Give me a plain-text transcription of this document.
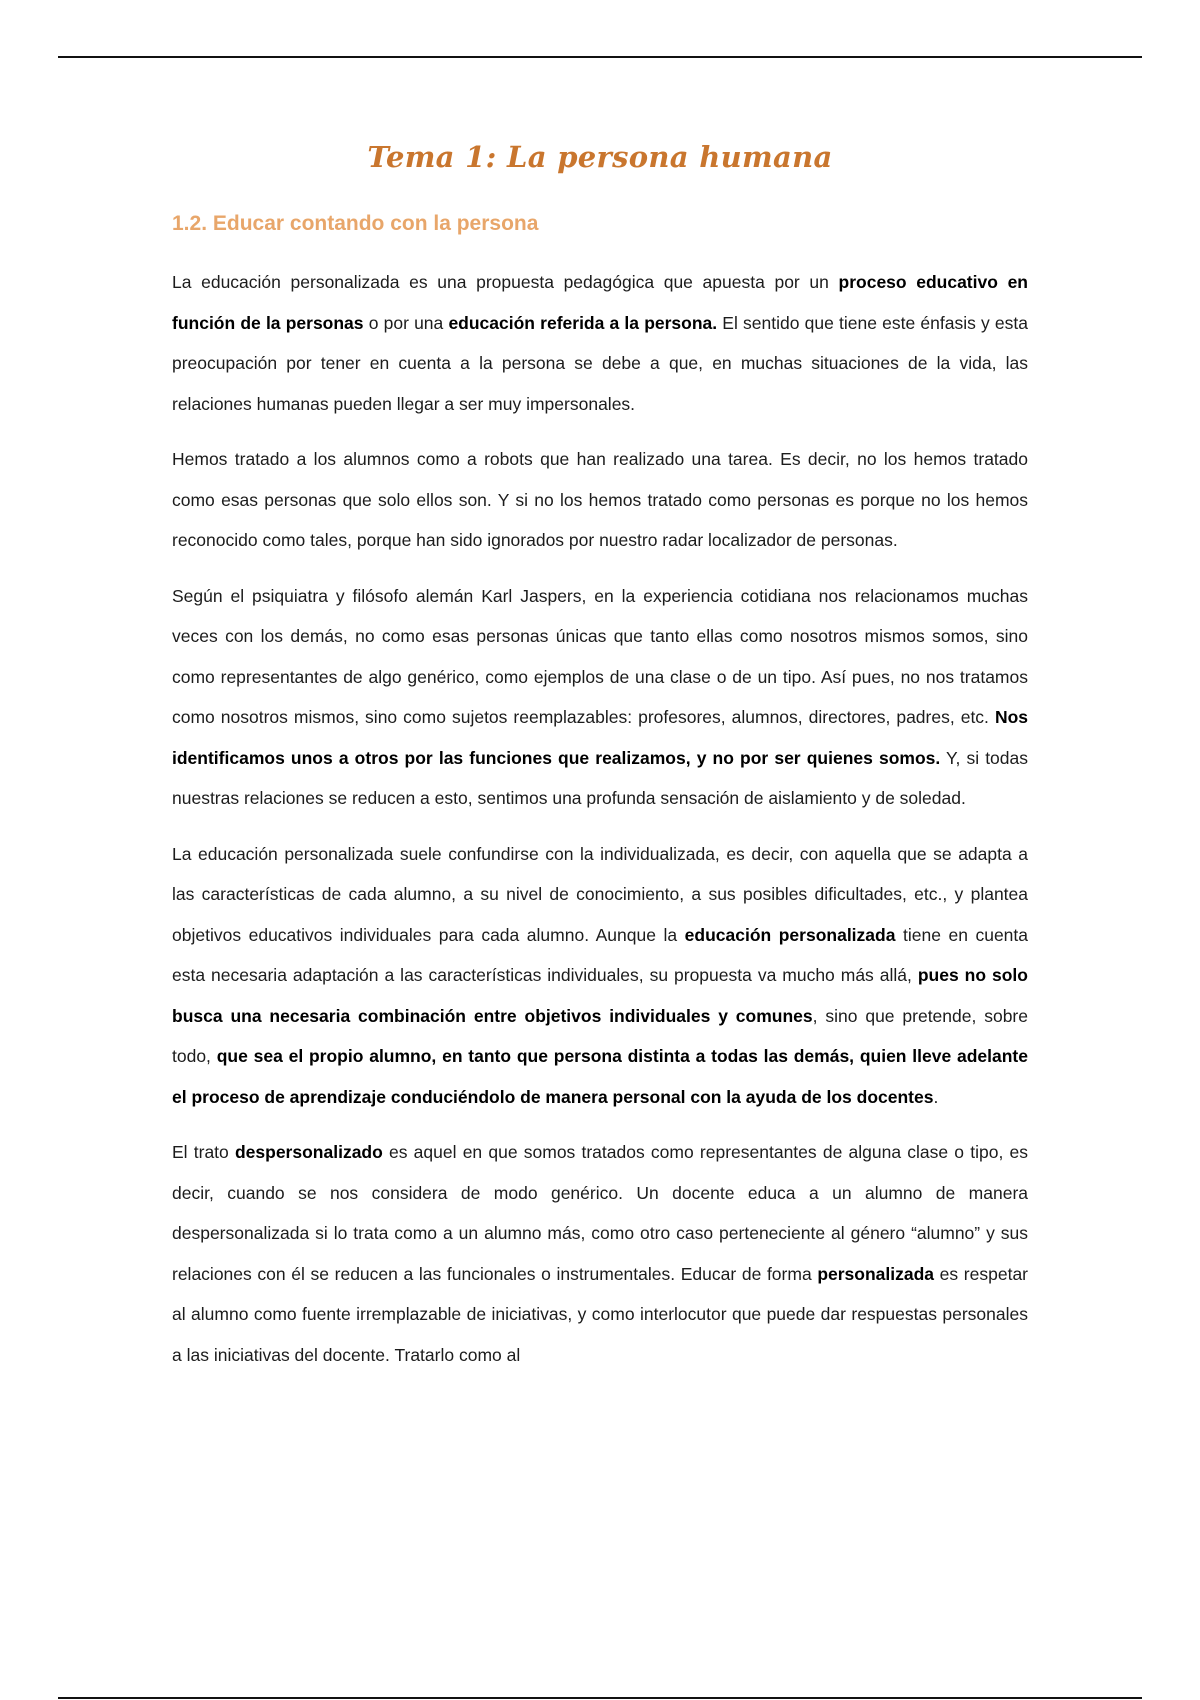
Tema 1: La persona humana
1.2. Educar contando con la persona

La educación personalizada es una propuesta pedagógica que apuesta por un proceso educativo en función de la personas o por una educación referida a la persona. El sentido que tiene este énfasis y esta preocupación por tener en cuenta a la persona se debe a que, en muchas situaciones de la vida, las relaciones humanas pueden llegar a ser muy impersonales.

Hemos tratado a los alumnos como a robots que han realizado una tarea. Es decir, no los hemos tratado como esas personas que solo ellos son. Y si no los hemos tratado como personas es porque no los hemos reconocido como tales, porque han sido ignorados por nuestro radar localizador de personas.

Según el psiquiatra y filósofo alemán Karl Jaspers, en la experiencia cotidiana nos relacionamos muchas veces con los demás, no como esas personas únicas que tanto ellas como nosotros mismos somos, sino como representantes de algo genérico, como ejemplos de una clase o de un tipo. Así pues, no nos tratamos como nosotros mismos, sino como sujetos reemplazables: profesores, alumnos, directores, padres, etc. Nos identificamos unos a otros por las funciones que realizamos, y no por ser quienes somos. Y, si todas nuestras relaciones se reducen a esto, sentimos una profunda sensación de aislamiento y de soledad.

La educación personalizada suele confundirse con la individualizada, es decir, con aquella que se adapta a las características de cada alumno, a su nivel de conocimiento, a sus posibles dificultades, etc., y plantea objetivos educativos individuales para cada alumno. Aunque la educación personalizada tiene en cuenta esta necesaria adaptación a las características individuales, su propuesta va mucho más allá, pues no solo busca una necesaria combinación entre objetivos individuales y comunes, sino que pretende, sobre todo, que sea el propio alumno, en tanto que persona distinta a todas las demás, quien lleve adelante el proceso de aprendizaje conduciéndolo de manera personal con la ayuda de los docentes.

El trato despersonalizado es aquel en que somos tratados como representantes de alguna clase o tipo, es decir, cuando se nos considera de modo genérico. Un docente educa a un alumno de manera despersonalizada si lo trata como a un alumno más, como otro caso perteneciente al género “alumno” y sus relaciones con él se reducen a las funcionales o instrumentales. Educar de forma personalizada es respetar al alumno como fuente irremplazable de iniciativas, y como interlocutor que puede dar respuestas personales a las iniciativas del docente. Tratarlo como al
